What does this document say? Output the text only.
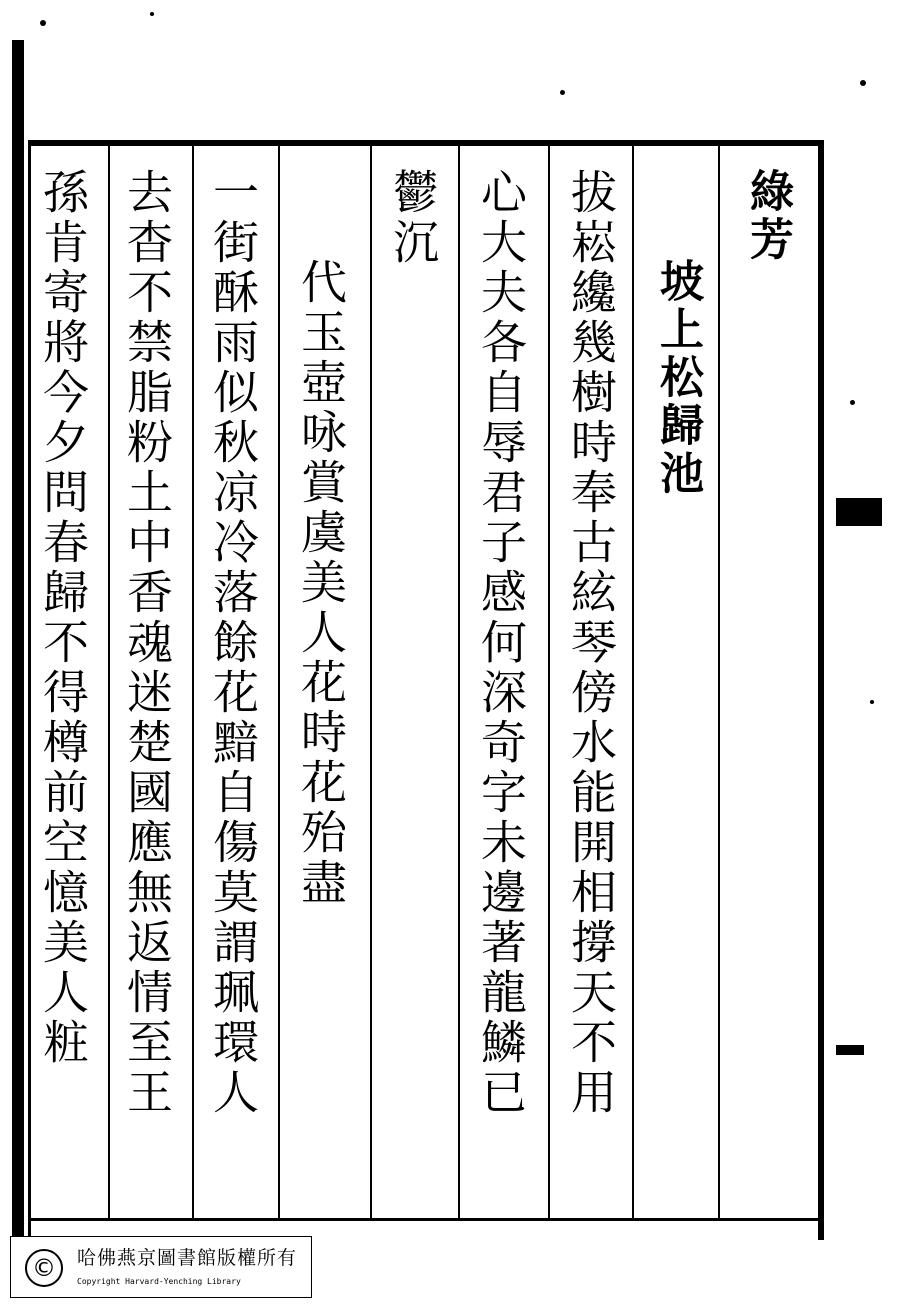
孫肯寄將今夕問春歸不得樽前空憶美人粧 去杳不禁脂粉土中香魂迷楚國應無返情至王 一街酥雨似秋凉冷落餘花黯自傷莫謂珮環人 代玉壺咏賞虞美人花時花殆盡
鬱沉 心大夫各自辱君子感何深奇字未邊著龍鱗已 拔崧纔幾樹時奉古絃琴傍水能開相撐天不用 坡上松歸池
綠芳
©	哈佛燕京圖書館版權所有
Copyright Harvard-Yenching Library
